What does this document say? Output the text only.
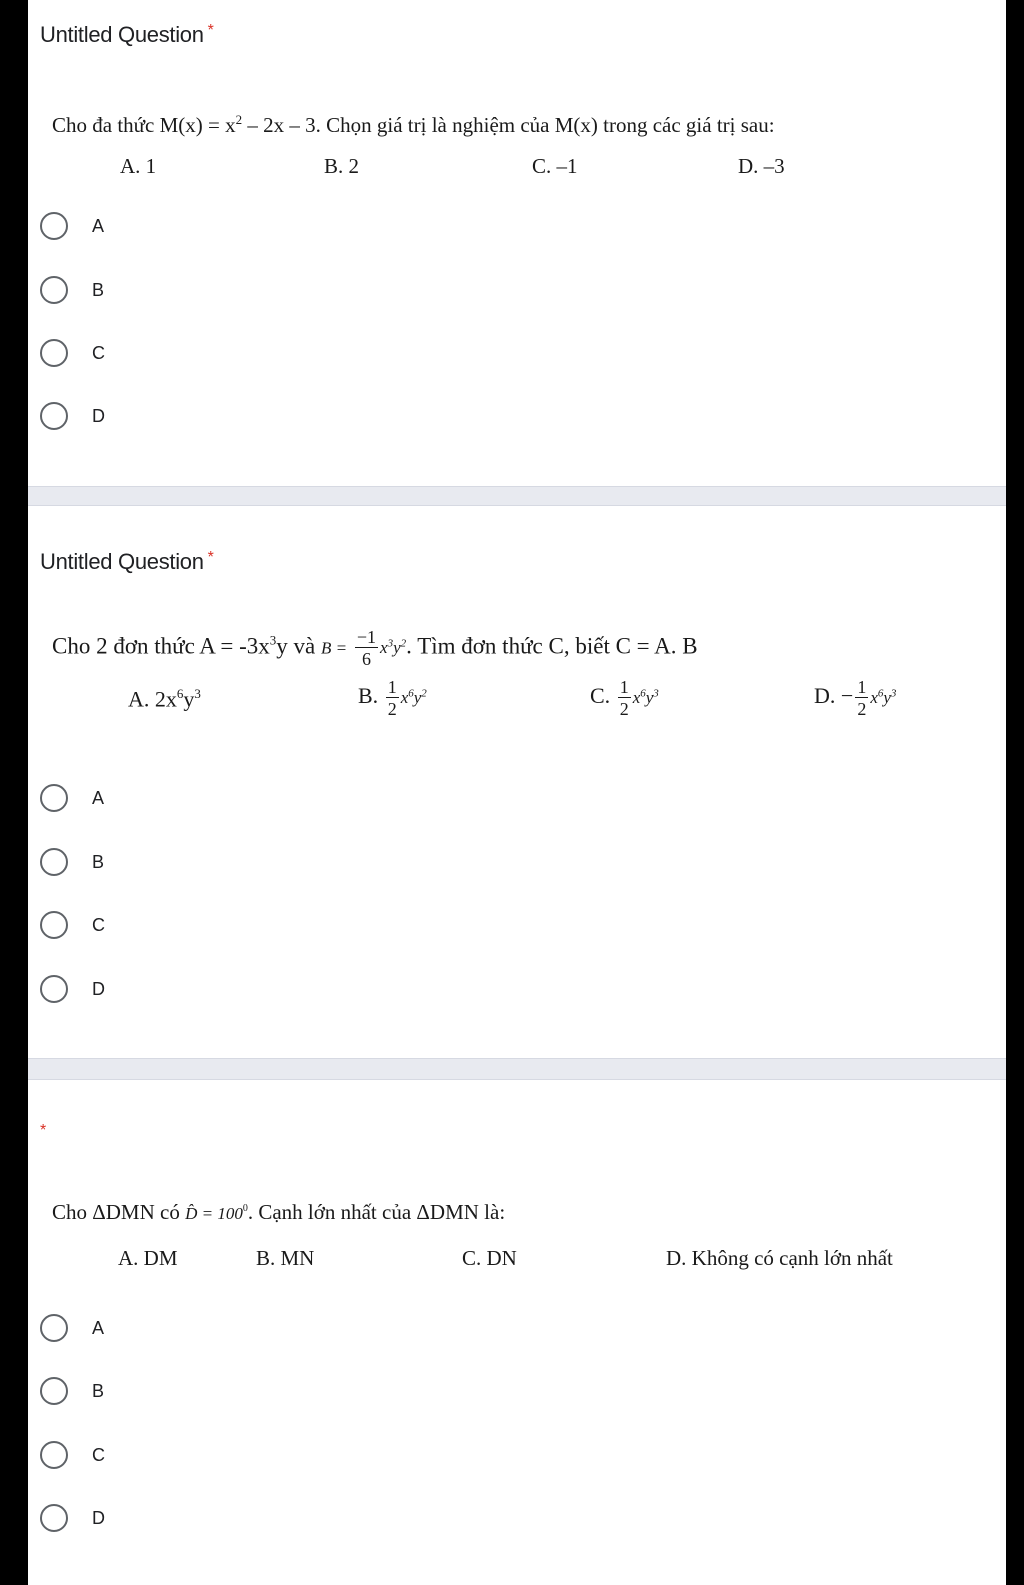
Untitled Question *
Cho đa thức $M(x) = x^2 - 2x - 3$. Chọn giá trị là nghiệm của M(x) trong các giá trị sau:
A. 1	B. 2	C. –1	D. –3
A
B
C
D
Untitled Question *
Cho 2 đơn thức $A = -3x^3y$ và $B = \frac{-1}{6} x^3y^2$. Tìm đơn thức C, biết C = A. B
A. $2x^6y^3$	B. $\frac{1}{2} x^6y^2$	C. $\frac{1}{2} x^6y^3$	D. − $\frac{1}{2} x^6y^3$
A
B
C
D
*
Cho ΔDMN có D̂ = $100^0$. Cạnh lớn nhất của ΔDMN là:
A. DM	B. MN	C. DN	D. Không có cạnh lớn nhất
A
B
C
D
